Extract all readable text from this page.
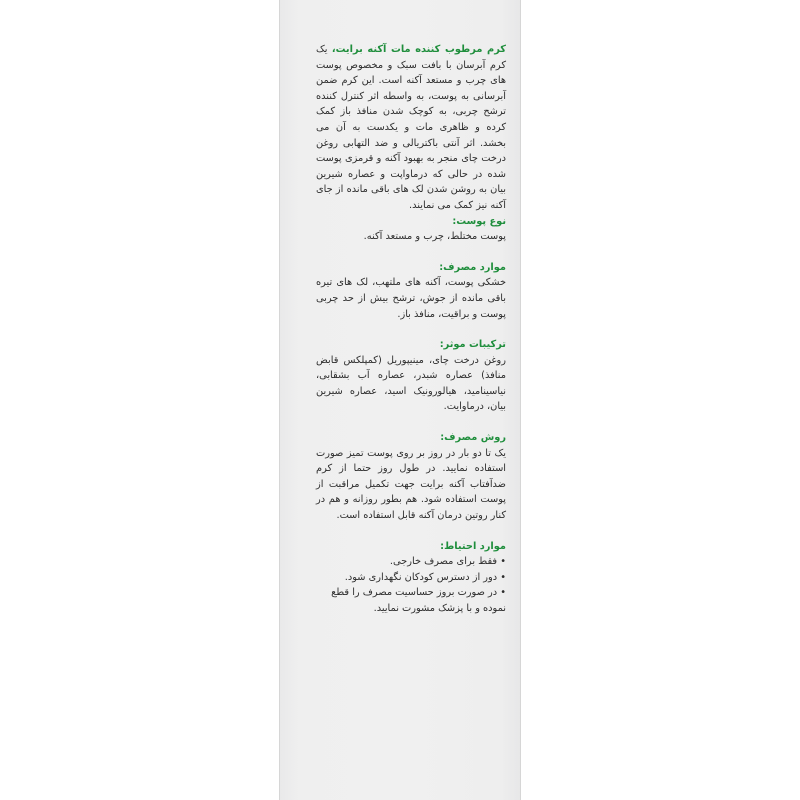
کرم مرطوب کننده مات آکنه برایت، یک کرم آبرسان با بافت سبک و مخصوص پوست های چرب و مستعد آکنه است. این کرم ضمن آبرسانی به پوست، به واسطه اثر کنترل کننده ترشح چربی، به کوچک شدن منافذ باز کمک کرده و ظاهری مات و یکدست به آن می بخشد. اثر آنتی باکتریالی و ضد التهابی روغن درخت چای منجر به بهبود آکنه و قرمزی پوست شده در حالی که درماواپت و عصاره شیرین بیان به روشن شدن لک های باقی مانده از جای آکنه نیز کمک می نمایند.

نوع پوست:

پوست مختلط، چرب و مستعد آکنه.

موارد مصرف:

خشکی پوست، آکنه های ملتهب، لک های تیره باقی مانده از جوش، ترشح بیش از حد چربی پوست و براقیت، منافذ باز.

ترکیبات موثر:

روغن درخت چای، مینیپوریل (کمپلکس قابض منافذ) عصاره شبدر، عصاره آب بشقابی، نیاسینامید، هیالورونیک اسید، عصاره شیرین بیان، درماوایت.

روش مصرف:

یک تا دو بار در روز بر روی پوست تمیز صورت استفاده نمایید. در طول روز حتما از کرم ضدآفتاب آکنه برایت جهت تکمیل مراقبت از پوست استفاده شود. هم بطور روزانه و هم در کنار روتین درمان آکنه قابل استفاده است.

موارد احتیاط:

• فقط برای مصرف خارجی.

• دور از دسترس کودکان نگهداری شود.

• در صورت بروز حساسیت مصرف را قطع نموده و با پزشک مشورت نمایید.
